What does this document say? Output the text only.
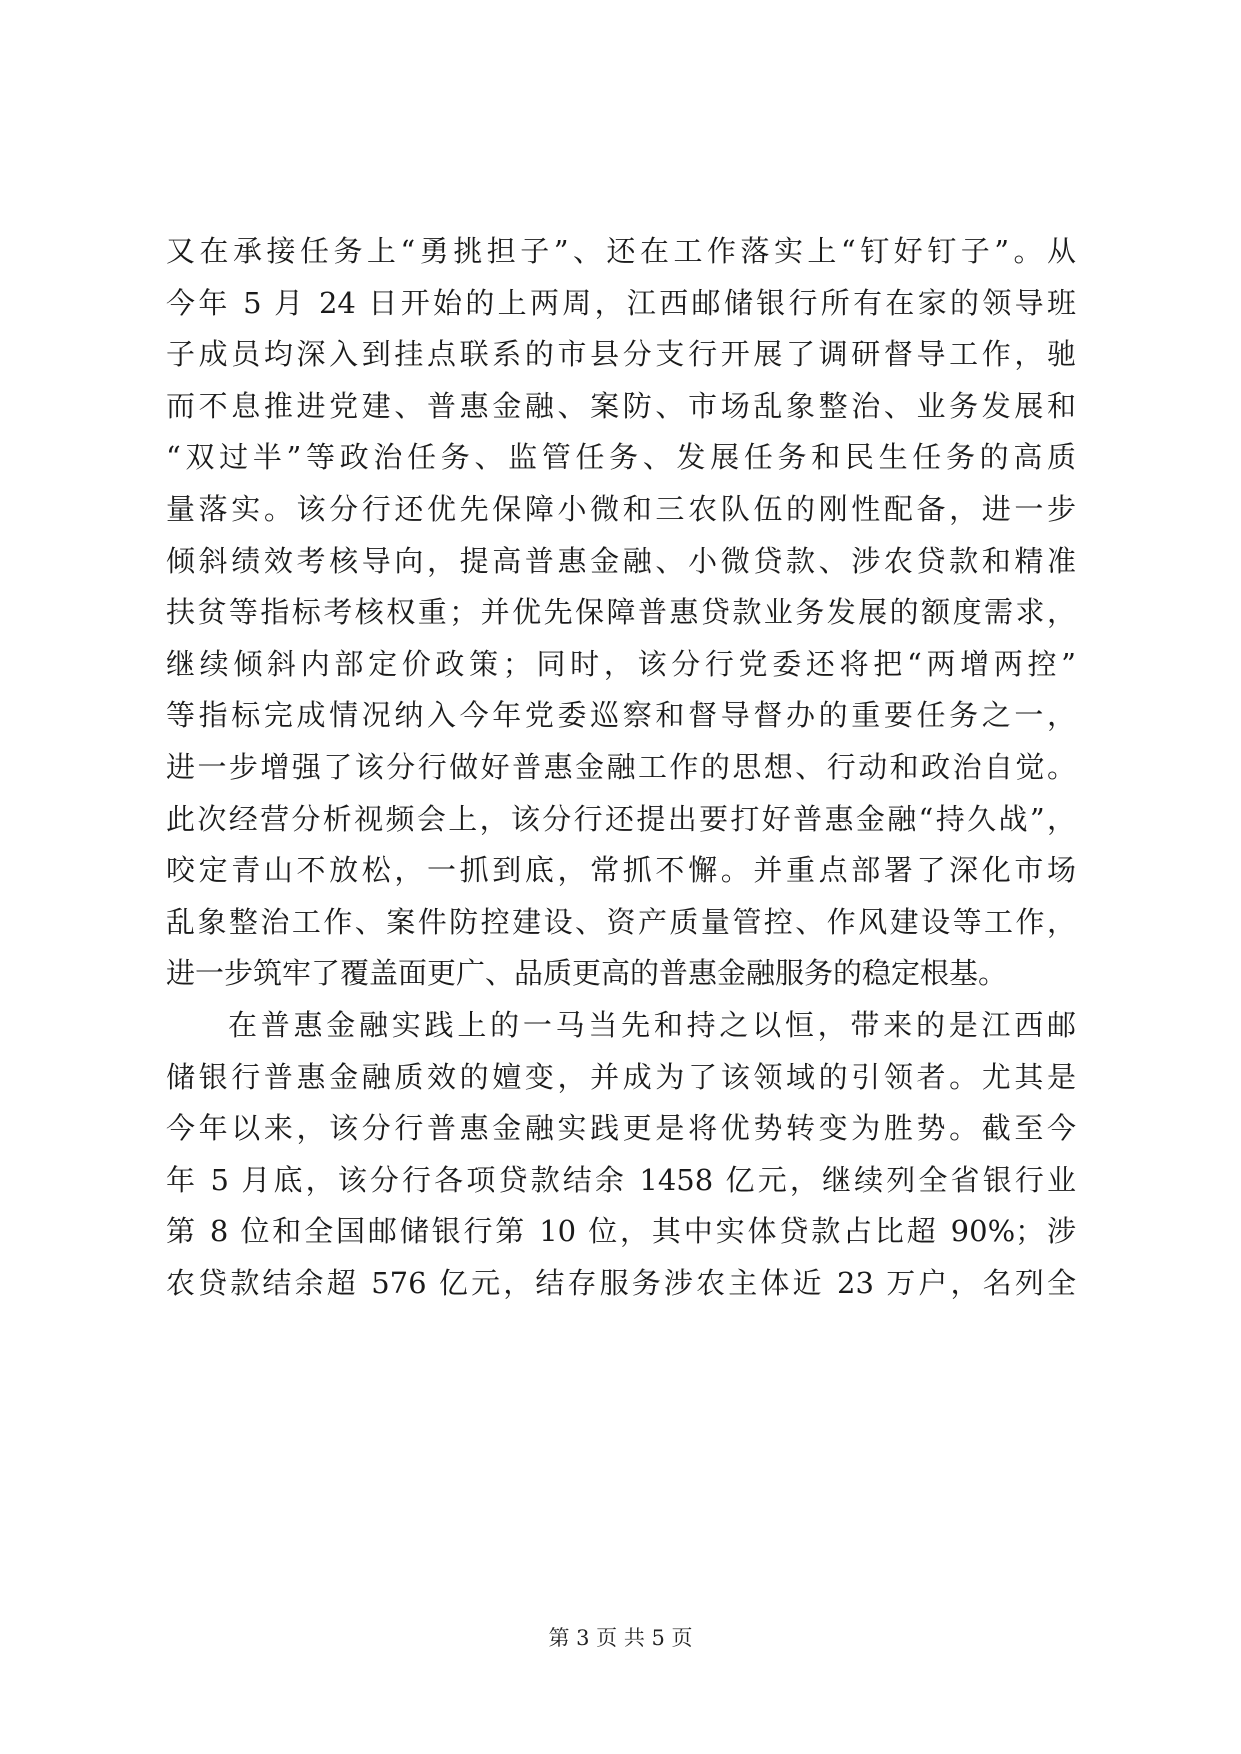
又在承接任务上“勇挑担子”、还在工作落实上“钉好钉子”。从
今年 5 月 24 日开始的上两周，江西邮储银行所有在家的领导班
子成员均深入到挂点联系的市县分支行开展了调研督导工作，驰
而不息推进党建、普惠金融、案防、市场乱象整治、业务发展和
“双过半”等政治任务、监管任务、发展任务和民生任务的高质
量落实。该分行还优先保障小微和三农队伍的刚性配备，进一步
倾斜绩效考核导向，提高普惠金融、小微贷款、涉农贷款和精准
扶贫等指标考核权重；并优先保障普惠贷款业务发展的额度需求，
继续倾斜内部定价政策；同时，该分行党委还将把“两增两控”
等指标完成情况纳入今年党委巡察和督导督办的重要任务之一，
进一步增强了该分行做好普惠金融工作的思想、行动和政治自觉。
此次经营分析视频会上，该分行还提出要打好普惠金融“持久战”，
咬定青山不放松，一抓到底，常抓不懈。并重点部署了深化市场
乱象整治工作、案件防控建设、资产质量管控、作风建设等工作，
进一步筑牢了覆盖面更广、品质更高的普惠金融服务的稳定根基。
在普惠金融实践上的一马当先和持之以恒，带来的是江西邮
储银行普惠金融质效的嬗变，并成为了该领域的引领者。尤其是
今年以来，该分行普惠金融实践更是将优势转变为胜势。截至今
年 5 月底，该分行各项贷款结余 1458 亿元，继续列全省银行业
第 8 位和全国邮储银行第 10 位，其中实体贷款占比超 90%；涉
农贷款结余超 576 亿元，结存服务涉农主体近 23 万户，名列全
第 3 页 共 5 页
